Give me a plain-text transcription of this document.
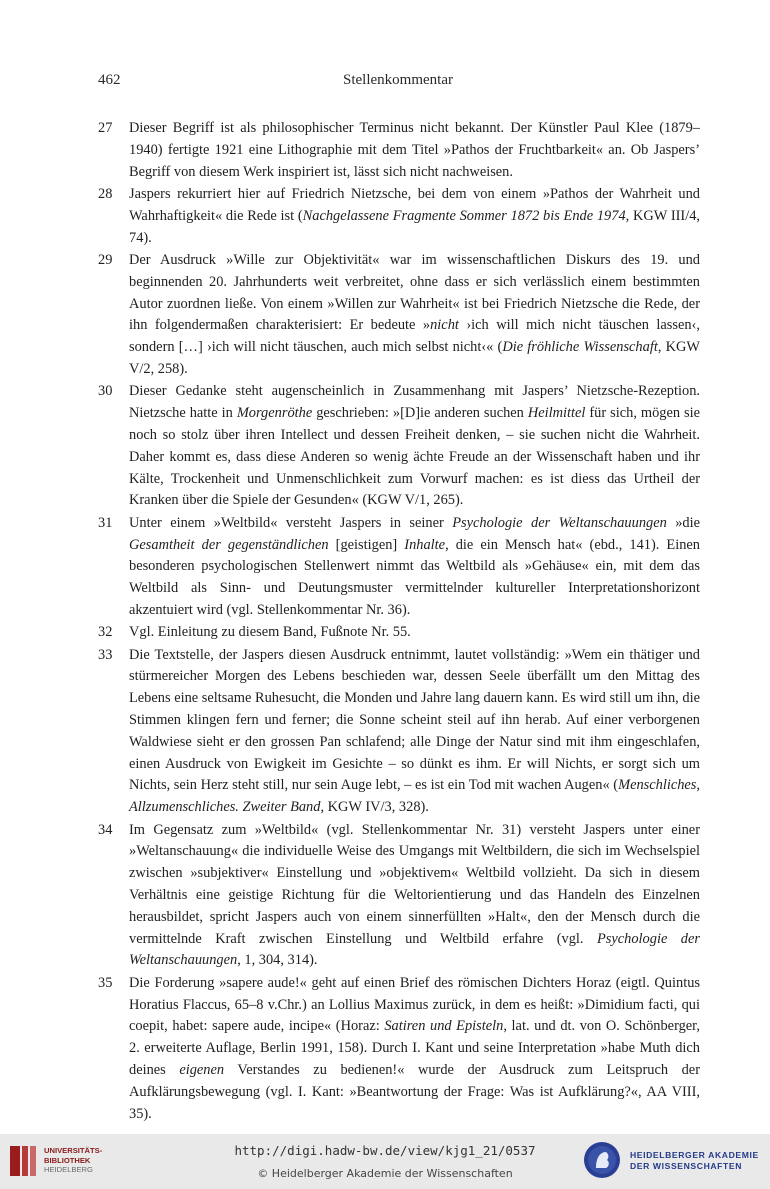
462	Stellenkommentar
27 Dieser Begriff ist als philosophischer Terminus nicht bekannt. Der Künstler Paul Klee (1879–1940) fertigte 1921 eine Lithographie mit dem Titel »Pathos der Fruchtbarkeit« an. Ob Jaspers’ Begriff von diesem Werk inspiriert ist, lässt sich nicht nachweisen.
28 Jaspers rekurriert hier auf Friedrich Nietzsche, bei dem von einem »Pathos der Wahrheit und Wahrhaftigkeit« die Rede ist (Nachgelassene Fragmente Sommer 1872 bis Ende 1974, KGW III/4, 74).
29 Der Ausdruck »Wille zur Objektivität« war im wissenschaftlichen Diskurs des 19. und beginnenden 20. Jahrhunderts weit verbreitet, ohne dass er sich verlässlich einem bestimmten Autor zuordnen ließe. Von einem »Willen zur Wahrheit« ist bei Friedrich Nietzsche die Rede, der ihn folgendermaßen charakterisiert: Er bedeute »nicht ›ich will mich nicht täuschen lassen‹, sondern […] ›ich will nicht täuschen, auch mich selbst nicht‹« (Die fröhliche Wissenschaft, KGW V/2, 258).
30 Dieser Gedanke steht augenscheinlich in Zusammenhang mit Jaspers’ Nietzsche-Rezeption. Nietzsche hatte in Morgenröthe geschrieben: »[D]ie anderen suchen Heilmittel für sich, mögen sie noch so stolz über ihren Intellect und dessen Freiheit denken, – sie suchen nicht die Wahrheit. Daher kommt es, dass diese Anderen so wenig ächte Freude an der Wissenschaft haben und ihr Kälte, Trockenheit und Unmenschlichkeit zum Vorwurf machen: es ist diess das Urtheil der Kranken über die Spiele der Gesunden« (KGW V/1, 265).
31 Unter einem »Weltbild« versteht Jaspers in seiner Psychologie der Weltanschauungen »die Gesamtheit der gegenständlichen [geistigen] Inhalte, die ein Mensch hat« (ebd., 141). Einen besonderen psychologischen Stellenwert nimmt das Weltbild als »Gehäuse« ein, mit dem das Weltbild als Sinn- und Deutungsmuster vermittelnder kultureller Interpretationshorizont akzentuiert wird (vgl. Stellenkommentar Nr. 36).
32 Vgl. Einleitung zu diesem Band, Fußnote Nr. 55.
33 Die Textstelle, der Jaspers diesen Ausdruck entnimmt, lautet vollständig: »Wem ein thätiger und stürmereicher Morgen des Lebens beschieden war, dessen Seele überfällt um den Mittag des Lebens eine seltsame Ruhesucht, die Monden und Jahre lang dauern kann. Es wird still um ihn, die Stimmen klingen fern und ferner; die Sonne scheint steil auf ihn herab. Auf einer verborgenen Waldwiese sieht er den grossen Pan schlafend; alle Dinge der Natur sind mit ihm eingeschlafen, einen Ausdruck von Ewigkeit im Gesichte – so dünkt es ihm. Er will Nichts, er sorgt sich um Nichts, sein Herz steht still, nur sein Auge lebt, – es ist ein Tod mit wachen Augen« (Menschliches, Allzumenschliches. Zweiter Band, KGW IV/3, 328).
34 Im Gegensatz zum »Weltbild« (vgl. Stellenkommentar Nr. 31) versteht Jaspers unter einer »Weltanschauung« die individuelle Weise des Umgangs mit Weltbildern, die sich im Wechselspiel zwischen »subjektiver« Einstellung und »objektivem« Weltbild vollzieht. Da sich in diesem Verhältnis eine geistige Richtung für die Weltorientierung und das Handeln des Einzelnen herausbildet, spricht Jaspers auch von einem sinnerfüllten »Halt«, den der Mensch durch die vermittelnde Kraft zwischen Einstellung und Weltbild erfahre (vgl. Psychologie der Weltanschauungen, 1, 304, 314).
35 Die Forderung »sapere aude!« geht auf einen Brief des römischen Dichters Horaz (eigtl. Quintus Horatius Flaccus, 65–8 v.Chr.) an Lollius Maximus zurück, in dem es heißt: »Dimidium facti, qui coepit, habet: sapere aude, incipe« (Horaz: Satiren und Episteln, lat. und dt. von O. Schönberger, 2. erweiterte Auflage, Berlin 1991, 158). Durch I. Kant und seine Interpretation »habe Muth dich deines eigenen Verstandes zu bedienen!« wurde der Ausdruck zum Leitspruch der Aufklärungsbewegung (vgl. I. Kant: »Beantwortung der Frage: Was ist Aufklärung?«, AA VIII, 35).
UNIVERSITÄTS-
BIBLIOTHEK
HEIDELBERG
http://digi.hadw-bw.de/view/kjg1_21/0537
© Heidelberger Akademie der Wissenschaften
HEIDELBERGER AKADEMIE
DER WISSENSCHAFTEN
